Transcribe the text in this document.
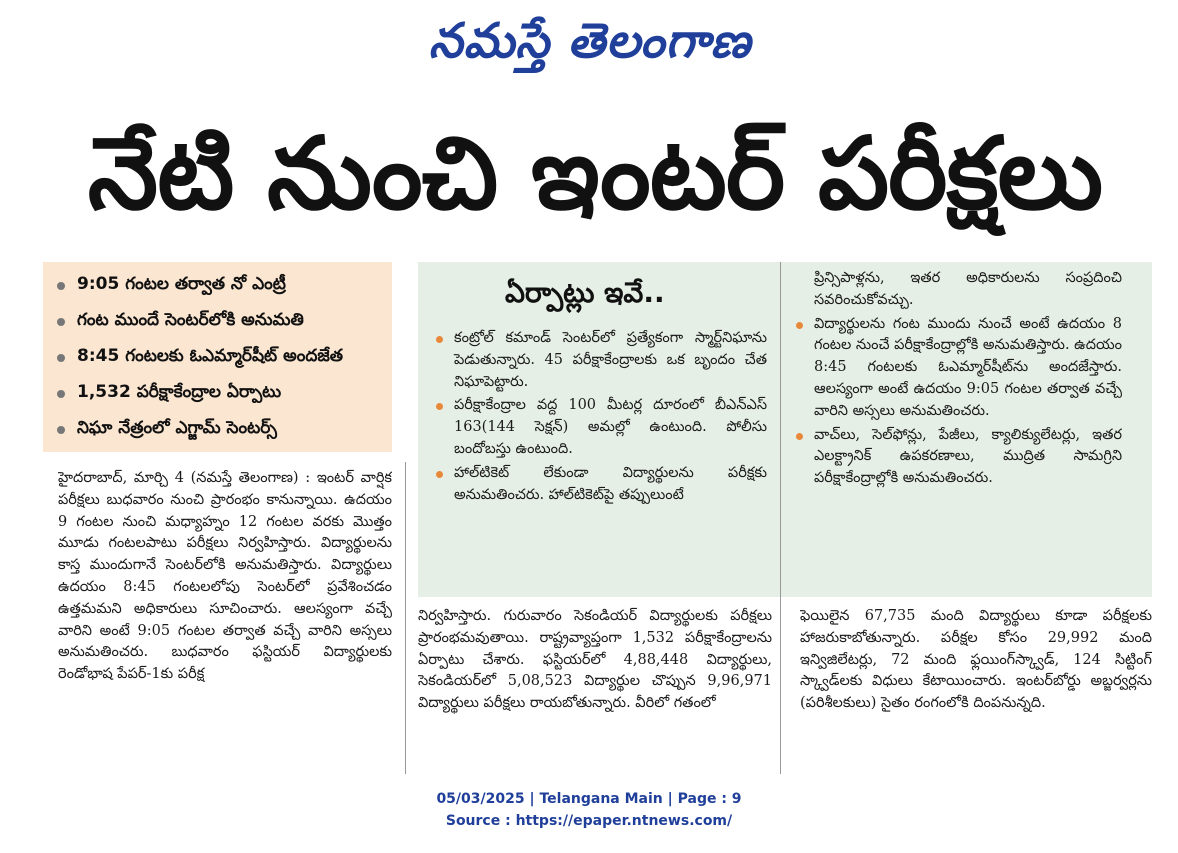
నమస్తే తెలంగాణ
నేటి నుంచి ఇంటర్ పరీక్షలు
9:05 గంటల తర్వాత నో ఎంట్రీ
గంట ముందే సెంటర్‌లోకి అనుమతి
8:45 గంటలకు ఓఎమ్మార్‌షీట్ అందజేత
1,532 పరీక్షాకేంద్రాల ఏర్పాటు
నిఘా నేత్రంలో ఎగ్జామ్ సెంటర్స్
హైదరాబాద్, మార్చి 4 (నమస్తే తెలంగాణ) : ఇంటర్ వార్షిక పరీక్షలు బుధవారం నుంచి ప్రారంభం కానున్నాయి. ఉదయం 9 గంటల నుంచి మధ్యాహ్నం 12 గంటల వరకు మొత్తం మూడు గంటలపాటు పరీక్షలు నిర్వహిస్తారు. విద్యార్థులను కాస్త ముందుగానే సెంటర్‌లోకి అనుమతిస్తారు. విద్యార్థులు ఉదయం 8:45 గంటలలోపు సెంటర్‌లో ప్రవేశించడం ఉత్తమమని అధికారులు సూచించారు. ఆలస్యంగా వచ్చే వారిని అంటే 9:05 గంటల తర్వాత వచ్చే వారిని అస్సలు అనుమతించరు. బుధవారం ఫస్టియర్ విద్యార్థులకు రెండోభాష పేపర్-1కు పరీక్ష
ఏర్పాట్లు ఇవే..
కంట్రోల్ కమాండ్ సెంటర్‌లో ప్రత్యేకంగా స్మార్ట్‌నిఘాను పెడుతున్నారు. 45 పరీక్షాకేంద్రాలకు ఒక బృందం చేత నిఘాపెట్టారు.
పరీక్షాకేంద్రాల వద్ద 100 మీటర్ల దూరంలో బీఎన్‌ఎస్ 163(144 సెక్షన్) అమల్లో ఉంటుంది. పోలీసు బందోబస్తు ఉంటుంది.
హాల్‌టికెట్ లేకుండా విద్యార్థులను పరీక్షకు అనుమతించరు. హాల్‌టికెట్‌పై తప్పులుంటే
ప్రిన్సిపాళ్లను, ఇతర అధికారులను సంప్రదించి సవరించుకోవచ్చు.
విద్యార్థులను గంట ముందు నుంచే అంటే ఉదయం 8 గంటల నుంచే పరీక్షాకేంద్రాల్లోకి అనుమతిస్తారు. ఉదయం 8:45 గంటలకు ఓఎమ్మార్‌షీట్‌ను అందజేస్తారు. ఆలస్యంగా అంటే ఉదయం 9:05 గంటల తర్వాత వచ్చే వారిని అస్సలు అనుమతించరు.
వాచ్‌లు, సెల్‌ఫోన్లు, పేజీలు, క్యాలిక్యులేటర్లు, ఇతర ఎలక్ట్రానిక్ ఉపకరణాలు, ముద్రిత సామగ్రిని పరీక్షాకేంద్రాల్లోకి అనుమతించరు.
నిర్వహిస్తారు. గురువారం సెకండియర్ విద్యార్థులకు పరీక్షలు ప్రారంభమవుతాయి. రాష్ట్రవ్యాప్తంగా 1,532 పరీక్షాకేంద్రాలను ఏర్పాటు చేశారు. ఫస్టియర్‌లో 4,88,448 విద్యార్థులు, సెకండియర్‌లో 5,08,523 విద్యార్థుల చొప్పున 9,96,971 విద్యార్థులు పరీక్షలు రాయబోతున్నారు. వీరిలో గతంలో
ఫెయిలైన 67,735 మంది విద్యార్థులు కూడా పరీక్షలకు హాజరుకాబోతున్నారు. పరీక్షల కోసం 29,992 మంది ఇన్విజిలేటర్లు, 72 మంది ఫ్లయింగ్‌స్క్వాడ్, 124 సిట్టింగ్ స్క్వాడ్‌లకు విధులు కేటాయించారు. ఇంటర్‌బోర్డు అబ్జర్వర్లను (పరిశీలకులు) సైతం రంగంలోకి దింపనున్నది.
05/03/2025 | Telangana Main | Page : 9
Source : https://epaper.ntnews.com/
